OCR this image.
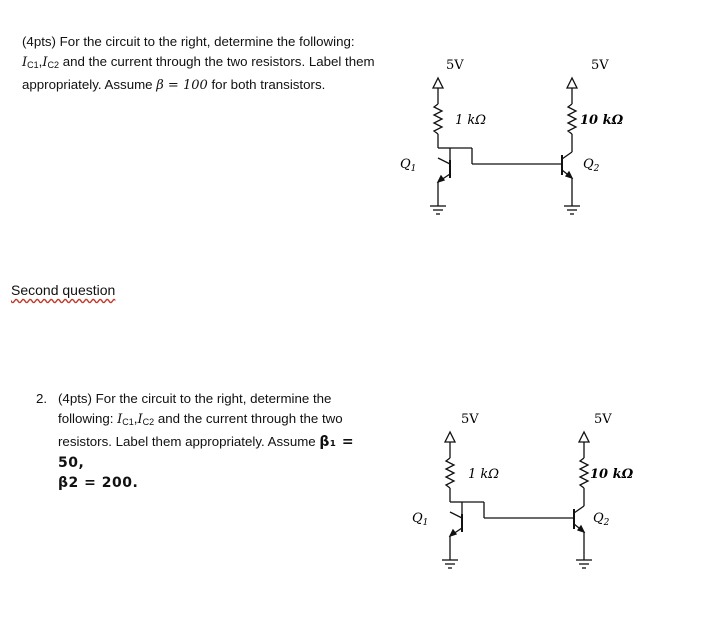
(4pts) For the circuit to the right, determine the following: $I_{C1},I_{C2}$ and the current through the two resistors. Label them appropriately. Assume β = 100 for both transistors.
Second question
2. (4pts) For the circuit to the right, determine the following: $I_{C1},I_{C2}$ and the current through the two resistors. Label them appropriately. Assume β₁ = 50,
β2 = 200.
5V	5V
1 kΩ	10 kΩ
$Q_1$	$Q_2$
5V	5V
1 kΩ	10 kΩ
$Q_1$	$Q_2$
